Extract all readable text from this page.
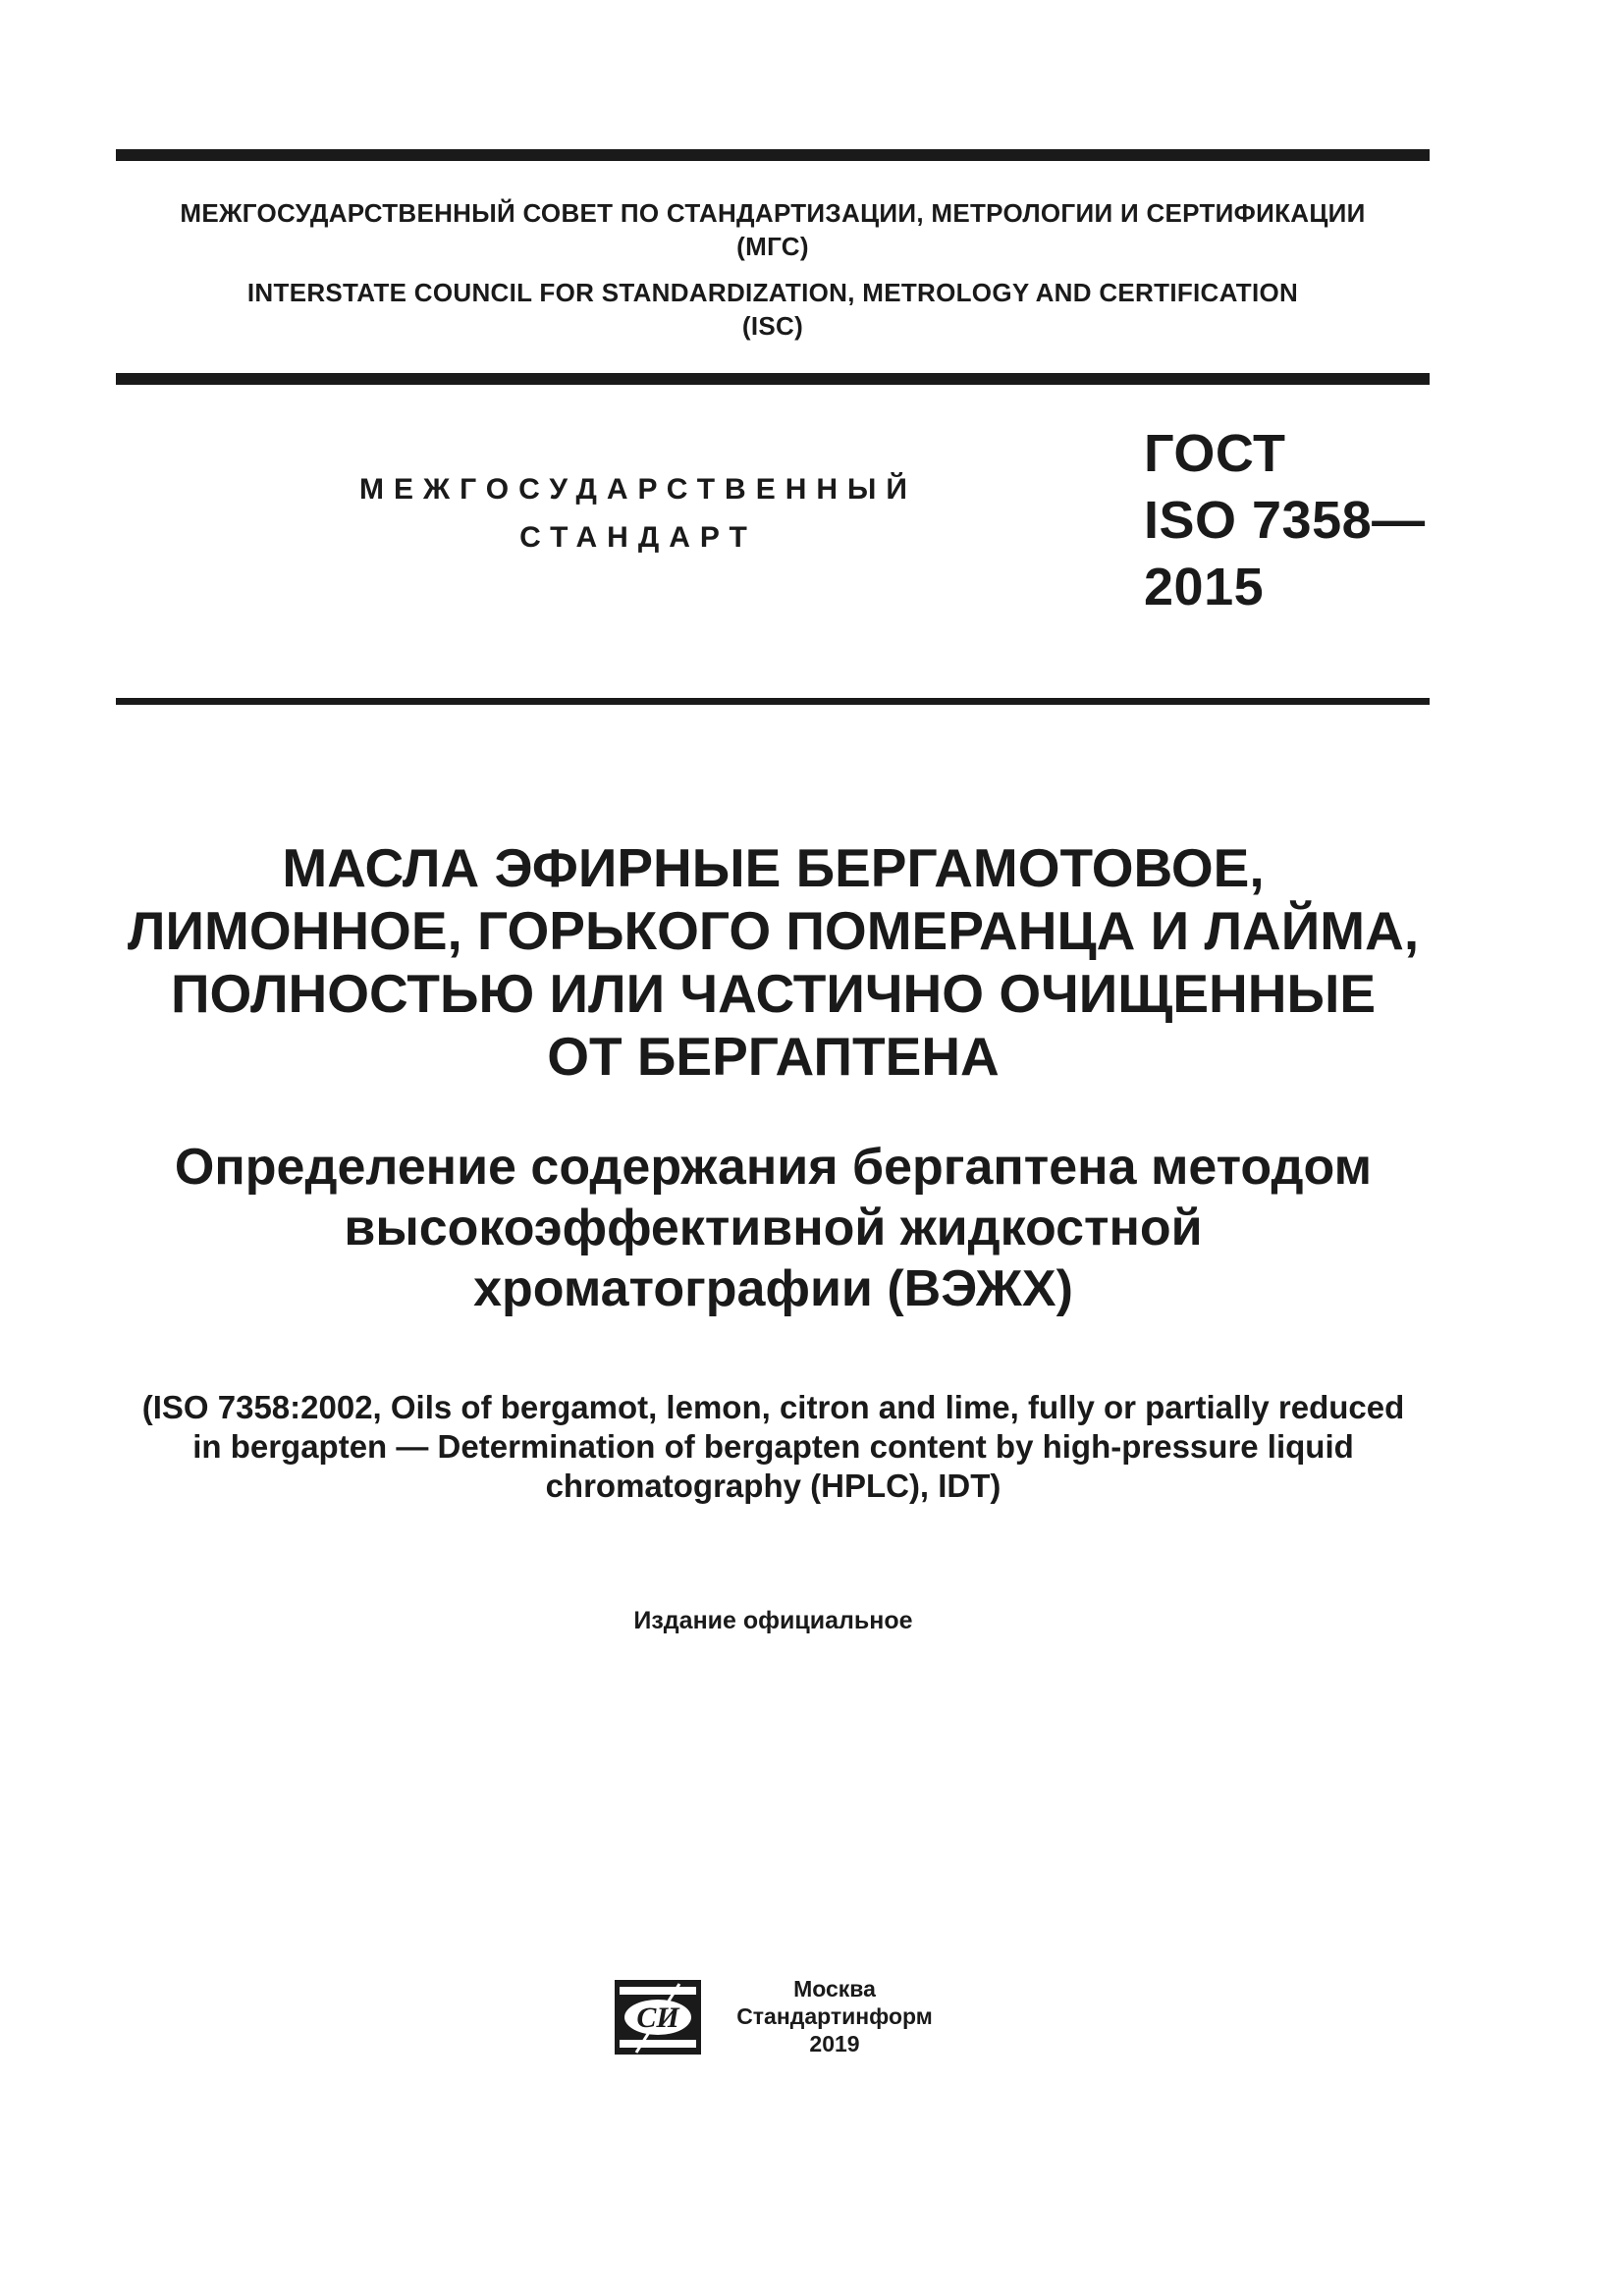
МЕЖГОСУДАРСТВЕННЫЙ СОВЕТ ПО СТАНДАРТИЗАЦИИ, МЕТРОЛОГИИ И СЕРТИФИКАЦИИ
(МГС)
INTERSTATE COUNCIL FOR STANDARDIZATION, METROLOGY AND CERTIFICATION
(ISC)
МЕЖГОСУДАРСТВЕННЫЙ
СТАНДАРТ
ГОСТ
ISO 7358—
2015
МАСЛА ЭФИРНЫЕ БЕРГАМОТОВОЕ,
ЛИМОННОЕ, ГОРЬКОГО ПОМЕРАНЦА И ЛАЙМА,
ПОЛНОСТЬЮ ИЛИ ЧАСТИЧНО ОЧИЩЕННЫЕ
ОТ БЕРГАПТЕНА
Определение содержания бергаптена методом
высокоэффективной жидкостной
хроматографии (ВЭЖХ)
(ISO 7358:2002, Oils of bergamot, lemon, citron and lime, fully or partially reduced
in bergapten — Determination of bergapten content by high-pressure liquid
chromatography (HPLC), IDT)
Издание официальное
СИ
Москва
Стандартинформ
2019
